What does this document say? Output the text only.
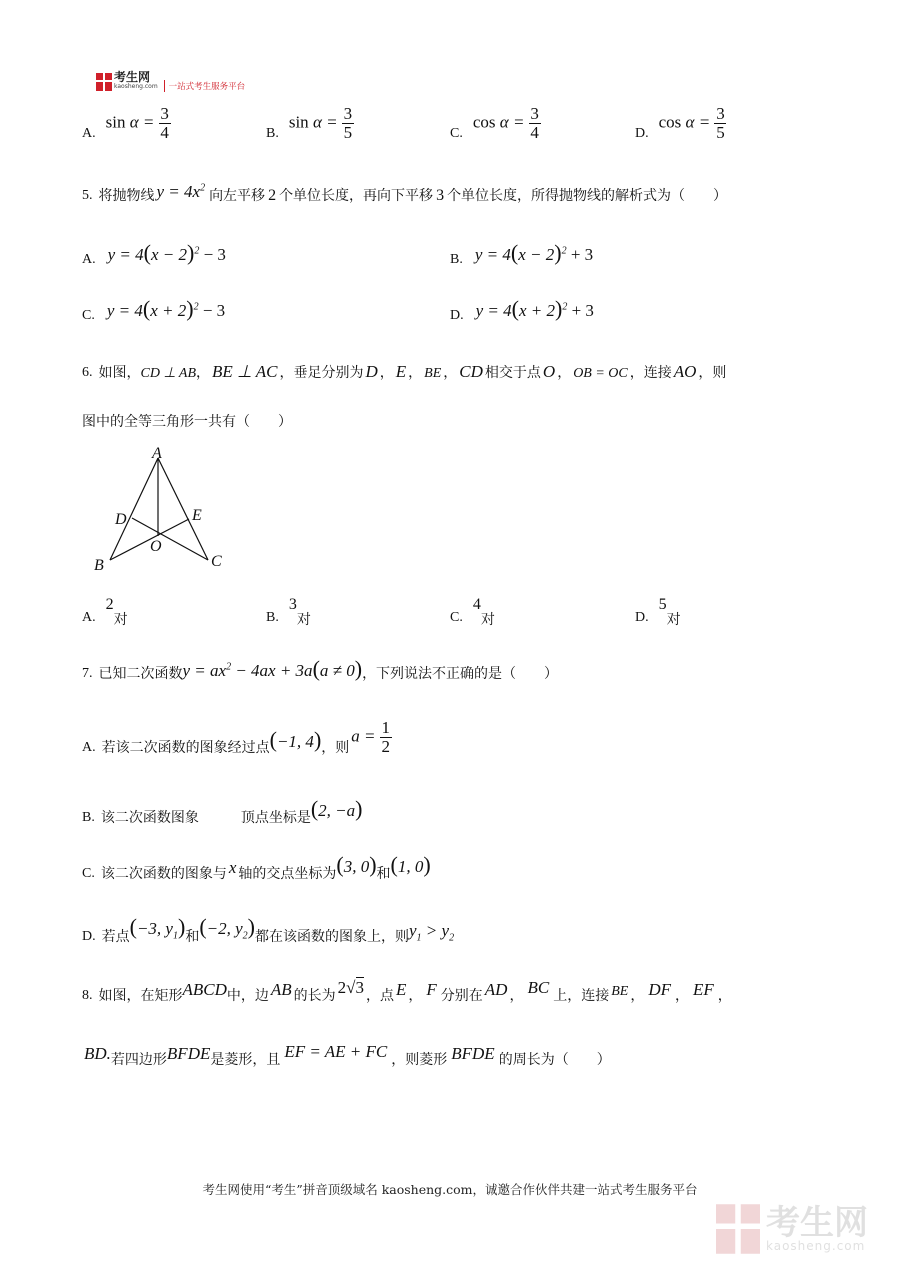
考生网
kaosheng.com	一站式考生服务平台
A.
$\sin \alpha = \frac{3}{4}$	B.
$\sin \alpha = \frac{3}{5}$	C.
$\cos \alpha = \frac{3}{4}$	D.
$\cos \alpha = \frac{3}{5}$
5. 将抛物线 $y = 4x^2$
向左平移 2 个单位长度，再向下平移 3 个单位长度，所得抛物线的解析式为（　　）
A. $y = 4(x - 2)^2 - 3$	B. $y = 4(x - 2)^2 + 3$
C. $y = 4(x + 2)^2 - 3$	D. $y = 4(x + 2)^2 + 3$
6. 如图， CD ⊥ AB ， BE ⊥ AC ，垂足分别为 D ， E ， BE ， CD 相交于点 O ， OB = OC ，连接 AO ，则
图中的全等三角形一共有（　　）
A
B	C
D	E
O
A.
2
对	B.
3
对	C.
4
对	D.
5
对
7. 已知二次函数 $y = ax^2 - 4ax + 3a(a \ne 0)$ ，下列说法不正确的是（　　）
A. 若该二次函数的图象经过点 (−1, 4) ，则
$a = \frac{1}{2}$
B. 该二次函数图象	顶点坐标是 (2, −a)
C. 该二次函数的图象与 x 轴的交点坐标为 (3, 0) 和 (1, 0)
D. 若点 (−3, $y_1$) 和 (−2, $y_2$) 都在该函数的图象上，则 $y_1 > y_2$
8. 如图，在矩形 ABCD 中，边 AB 的长为 2√3 ，点 E ， F 分别在 AD ， BC 上，连接 BE ， DF ， EF ，
BD. 若四边形 BFDE 是菱形，且 EF = AE + FC ，则菱形 BFDE 的周长为（　　）
考生网使用“考生”拼音顶级域名 kaosheng.com，诚邀合作伙伴共建一站式考生服务平台
考生网
kaosheng.com
